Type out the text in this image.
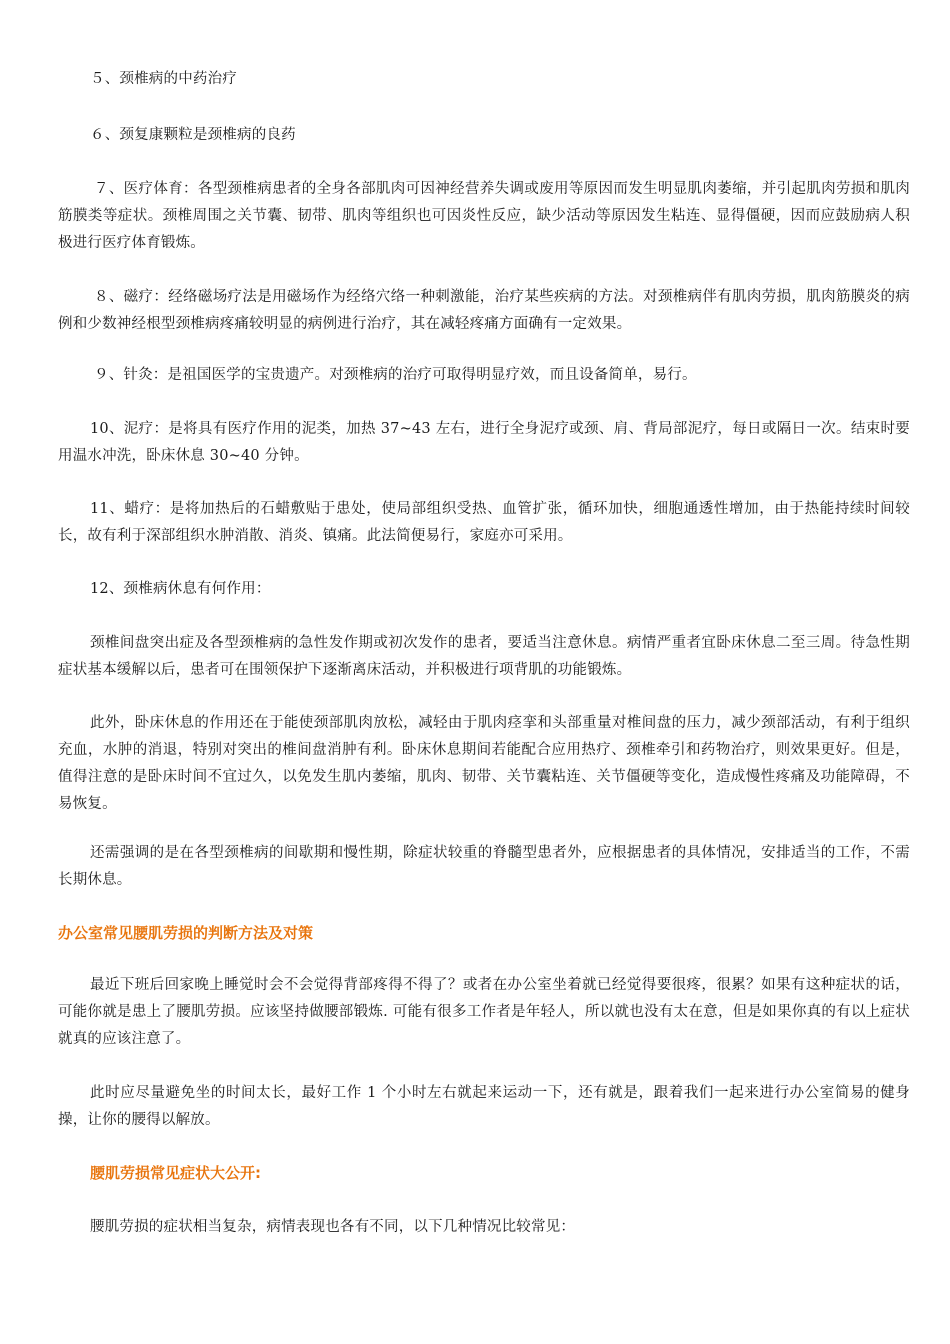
５、颈椎病的中药治疗

６、颈复康颗粒是颈椎病的良药

７、医疗体育：各型颈椎病患者的全身各部肌肉可因神经营养失调或废用等原因而发生明显肌肉萎缩，并引起肌肉劳损和肌肉筋膜类等症状。颈椎周围之关节囊、韧带、肌肉等组织也可因炎性反应，缺少活动等原因发生粘连、显得僵硬，因而应鼓励病人积极进行医疗体育锻炼。

８、磁疗：经络磁场疗法是用磁场作为经络穴络一种刺激能，治疗某些疾病的方法。对颈椎病伴有肌肉劳损，肌肉筋膜炎的病例和少数神经根型颈椎病疼痛较明显的病例进行治疗，其在减轻疼痛方面确有一定效果。

９、针灸：是祖国医学的宝贵遗产。对颈椎病的治疗可取得明显疗效，而且设备简单，易行。

10、泥疗：是将具有医疗作用的泥类，加热 37~43 左右，进行全身泥疗或颈、肩、背局部泥疗，每日或隔日一次。结束时要用温水冲洗，卧床休息 30~40 分钟。

11、蜡疗：是将加热后的石蜡敷贴于患处，使局部组织受热、血管扩张，循环加快，细胞通透性增加，由于热能持续时间较长，故有利于深部组织水肿消散、消炎、镇痛。此法简便易行，家庭亦可采用。

12、颈椎病休息有何作用：

颈椎间盘突出症及各型颈椎病的急性发作期或初次发作的患者，要适当注意休息。病情严重者宜卧床休息二至三周。待急性期症状基本缓解以后，患者可在围领保护下逐渐离床活动，并积极进行项背肌的功能锻炼。

此外，卧床休息的作用还在于能使颈部肌肉放松，减轻由于肌肉痉挛和头部重量对椎间盘的压力，减少颈部活动，有利于组织充血，水肿的消退，特别对突出的椎间盘消肿有利。卧床休息期间若能配合应用热疗、颈椎牵引和药物治疗，则效果更好。但是，值得注意的是卧床时间不宜过久，以免发生肌内萎缩，肌肉、韧带、关节囊粘连、关节僵硬等变化，造成慢性疼痛及功能障碍，不易恢复。

还需强调的是在各型颈椎病的间歇期和慢性期，除症状较重的脊髓型患者外，应根据患者的具体情况，安排适当的工作，不需长期休息。

办公室常见腰肌劳损的判断方法及对策

最近下班后回家晚上睡觉时会不会觉得背部疼得不得了？或者在办公室坐着就已经觉得要很疼，很累？如果有这种症状的话，可能你就是患上了腰肌劳损。应该坚持做腰部锻炼. 可能有很多工作者是年轻人，所以就也没有太在意，但是如果你真的有以上症状就真的应该注意了。

此时应尽量避免坐的时间太长，最好工作 1 个小时左右就起来运动一下，还有就是，跟着我们一起来进行办公室简易的健身操，让你的腰得以解放。

腰肌劳损常见症状大公开:

腰肌劳损的症状相当复杂，病情表现也各有不同，以下几种情况比较常见：
